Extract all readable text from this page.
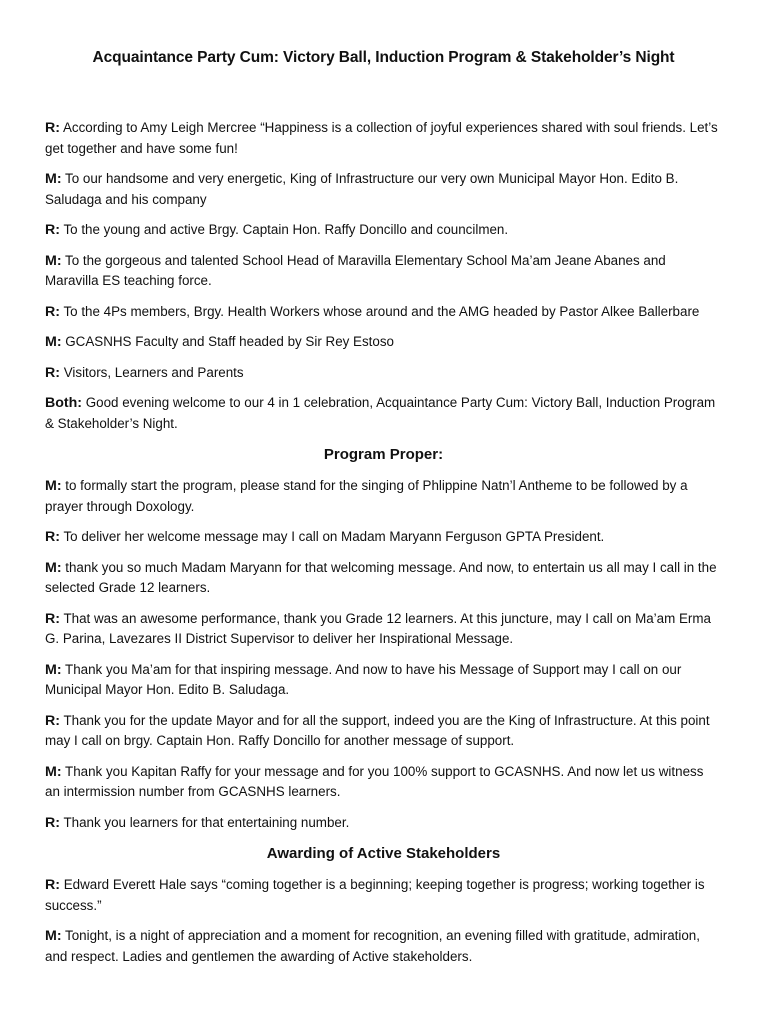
Acquaintance Party Cum: Victory Ball, Induction Program & Stakeholder’s Night

R: According to Amy Leigh Mercree “Happiness is a collection of joyful experiences shared with soul friends. Let’s get together and have some fun!

M: To our handsome and very energetic, King of Infrastructure our very own Municipal Mayor Hon. Edito B. Saludaga and his company

R: To the young and active Brgy. Captain Hon. Raffy Doncillo and councilmen.

M: To the gorgeous and talented School Head of Maravilla Elementary School Ma’am Jeane Abanes and Maravilla ES teaching force.

R: To the 4Ps members, Brgy. Health Workers whose around and the AMG headed by Pastor Alkee Ballerbare

M: GCASNHS Faculty and Staff headed by Sir Rey Estoso

R: Visitors, Learners and Parents

Both: Good evening welcome to our 4 in 1 celebration, Acquaintance Party Cum: Victory Ball, Induction Program & Stakeholder’s Night.

Program Proper:

M: to formally start the program, please stand for the singing of Phlippine Natn’l Antheme to be followed by a prayer through Doxology.

R: To deliver her welcome message may I call on Madam Maryann Ferguson GPTA President.

M: thank you so much Madam Maryann for that welcoming message. And now, to entertain us all may I call in the selected Grade 12 learners.

R: That was an awesome performance, thank you Grade 12 learners. At this juncture, may I call on Ma’am Erma G. Parina, Lavezares II District Supervisor to deliver her Inspirational Message.

M: Thank you Ma’am for that inspiring message. And now to have his Message of Support may I call on our Municipal Mayor Hon. Edito B. Saludaga.

R: Thank you for the update Mayor and for all the support, indeed you are the King of Infrastructure. At this point may I call on brgy. Captain Hon. Raffy Doncillo for another message of support.

M: Thank you Kapitan Raffy for your message and for you 100% support to GCASNHS. And now let us witness an intermission number from GCASNHS learners.

R: Thank you learners for that entertaining number.

Awarding of Active Stakeholders

R: Edward Everett Hale says “coming together is a beginning; keeping together is progress; working together is success.”

M: Tonight, is a night of appreciation and a moment for recognition, an evening filled with gratitude, admiration, and respect. Ladies and gentlemen the awarding of Active stakeholders.
